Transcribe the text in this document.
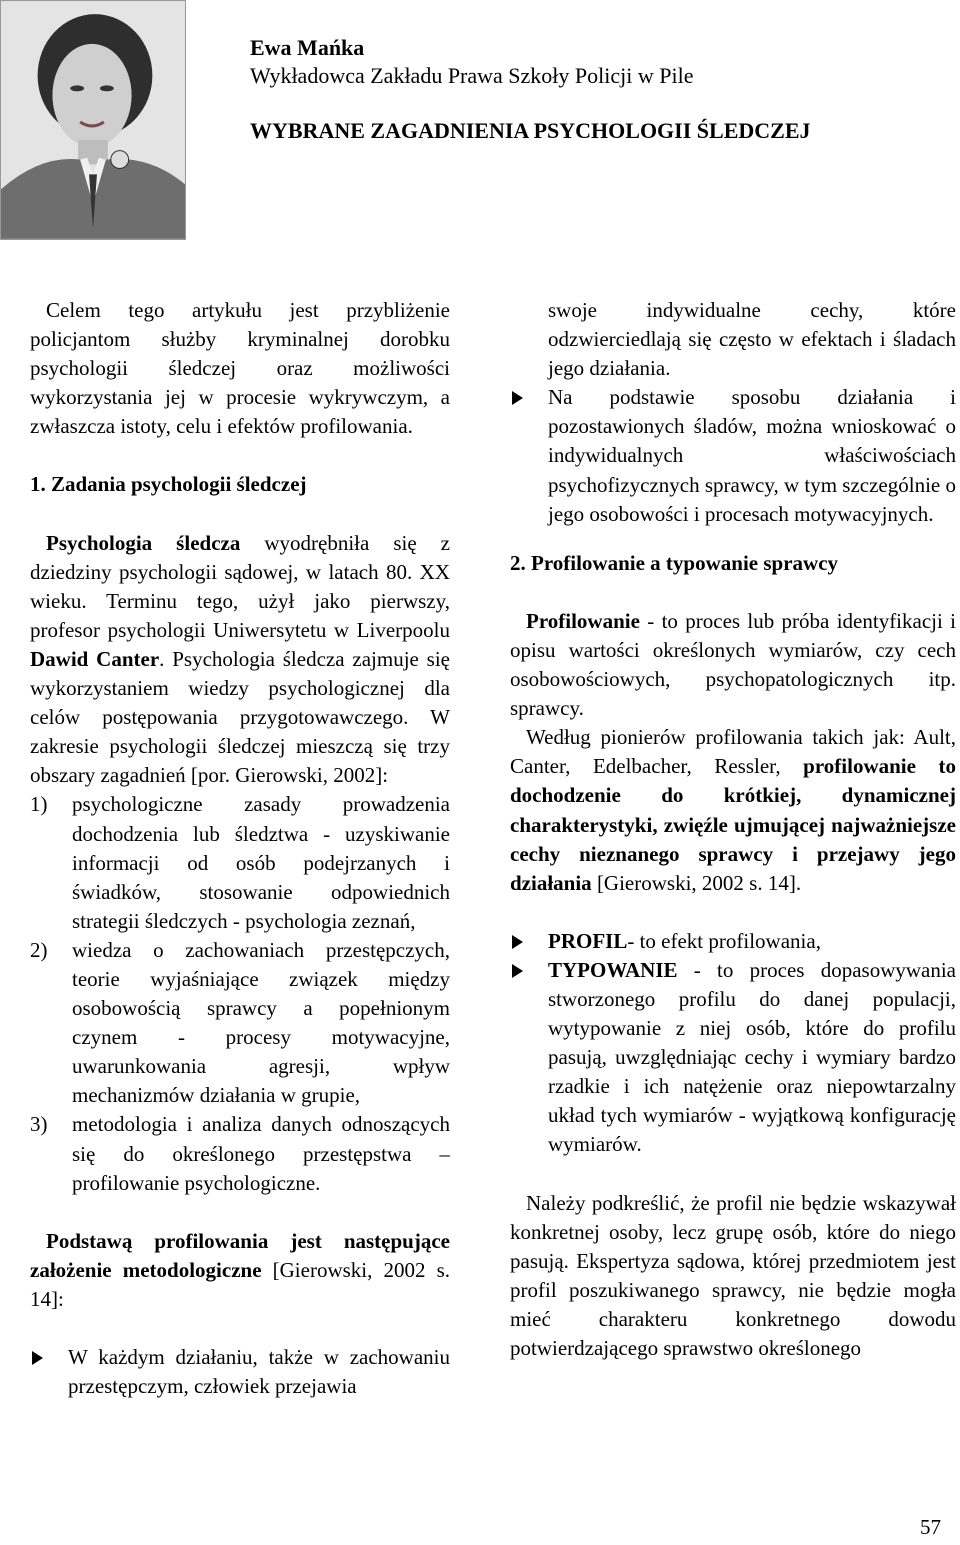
Ewa Mańka
Wykładowca Zakładu Prawa Szkoły Policji w Pile
WYBRANE ZAGADNIENIA PSYCHOLOGII ŚLEDCZEJ

Celem tego artykułu jest przybliżenie policjantom służby kryminalnej dorobku psychologii śledczej oraz możliwości wykorzystania jej w procesie wykrywczym, a zwłaszcza istoty, celu i efektów profilowania.

1. Zadania psychologii śledczej

Psychologia śledcza wyodrębniła się z dziedziny psychologii sądowej, w latach 80. XX wieku. Terminu tego, użył jako pierwszy, profesor psychologii Uniwersytetu w Liverpoolu Dawid Canter. Psychologia śledcza zajmuje się wykorzystaniem wiedzy psychologicznej dla celów postępowania przygotowawczego. W zakresie psychologii śledczej mieszczą się trzy obszary zagadnień [por. Gierowski, 2002]:

1) psychologiczne zasady prowadzenia dochodzenia lub śledztwa - uzyskiwanie informacji od osób podejrzanych i świadków, stosowanie odpowiednich strategii śledczych - psychologia zeznań,
2) wiedza o zachowaniach przestępczych, teorie wyjaśniające związek między osobowością sprawcy a popełnionym czynem - procesy motywacyjne, uwarunkowania agresji, wpływ mechanizmów działania w grupie,
3) metodologia i analiza danych odnoszących się do określonego przestępstwa – profilowanie psychologiczne.

Podstawą profilowania jest następujące założenie metodologiczne [Gierowski, 2002 s. 14]:

W każdym działaniu, także w zachowaniu przestępczym, człowiek przejawia

swoje indywidualne cechy, które odzwierciedlają się często w efektach i śladach jego działania.

Na podstawie sposobu działania i pozostawionych śladów, można wnioskować o indywidualnych właściwościach psychofizycznych sprawcy, w tym szczególnie o jego osobowości i procesach motywacyjnych.

2. Profilowanie a typowanie sprawcy

Profilowanie - to proces lub próba identyfikacji i opisu wartości określonych wymiarów, czy cech osobowościowych, psychopatologicznych itp. sprawcy.

Według pionierów profilowania takich jak: Ault, Canter, Edelbacher, Ressler, profilowanie to dochodzenie do krótkiej, dynamicznej charakterystyki, zwięźle ujmującej najważniejsze cechy nieznanego sprawcy i przejawy jego działania [Gierowski, 2002 s. 14].

PROFIL- to efekt profilowania,
TYPOWANIE - to proces dopasowywania stworzonego profilu do danej populacji, wytypowanie z niej osób, które do profilu pasują, uwzględniając cechy i wymiary bardzo rzadkie i ich natężenie oraz niepowtarzalny układ tych wymiarów - wyjątkową konfigurację wymiarów.

Należy podkreślić, że profil nie będzie wskazywał konkretnej osoby, lecz grupę osób, które do niego pasują. Ekspertyza sądowa, której przedmiotem jest profil poszukiwanego sprawcy, nie będzie mogła mieć charakteru konkretnego dowodu potwierdzającego sprawstwo określonego

57
